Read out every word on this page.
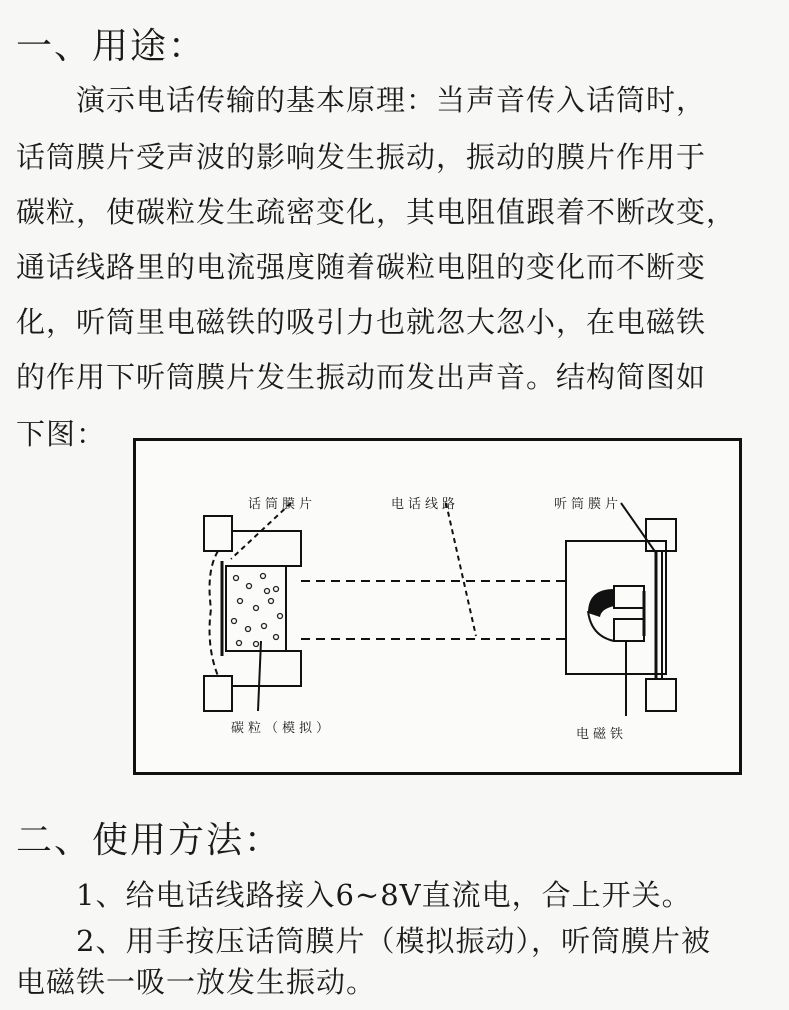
一、用途：
　　演示电话传输的基本原理：当声音传入话筒时，
话筒膜片受声波的影响发生振动，振动的膜片作用于
碳粒，使碳粒发生疏密变化，其电阻值跟着不断改变，
通话线路里的电流强度随着碳粒电阻的变化而不断变
化，听筒里电磁铁的吸引力也就忽大忽小，在电磁铁
的作用下听筒膜片发生振动而发出声音。结构简图如
下图：
话筒膜片	电话线路	听筒膜片
碳粒（模拟）	电磁铁
二、使用方法：
　　1、给电话线路接入6~8V直流电，合上开关。
　　2、用手按压话筒膜片（模拟振动），听筒膜片被
电磁铁一吸一放发生振动。
